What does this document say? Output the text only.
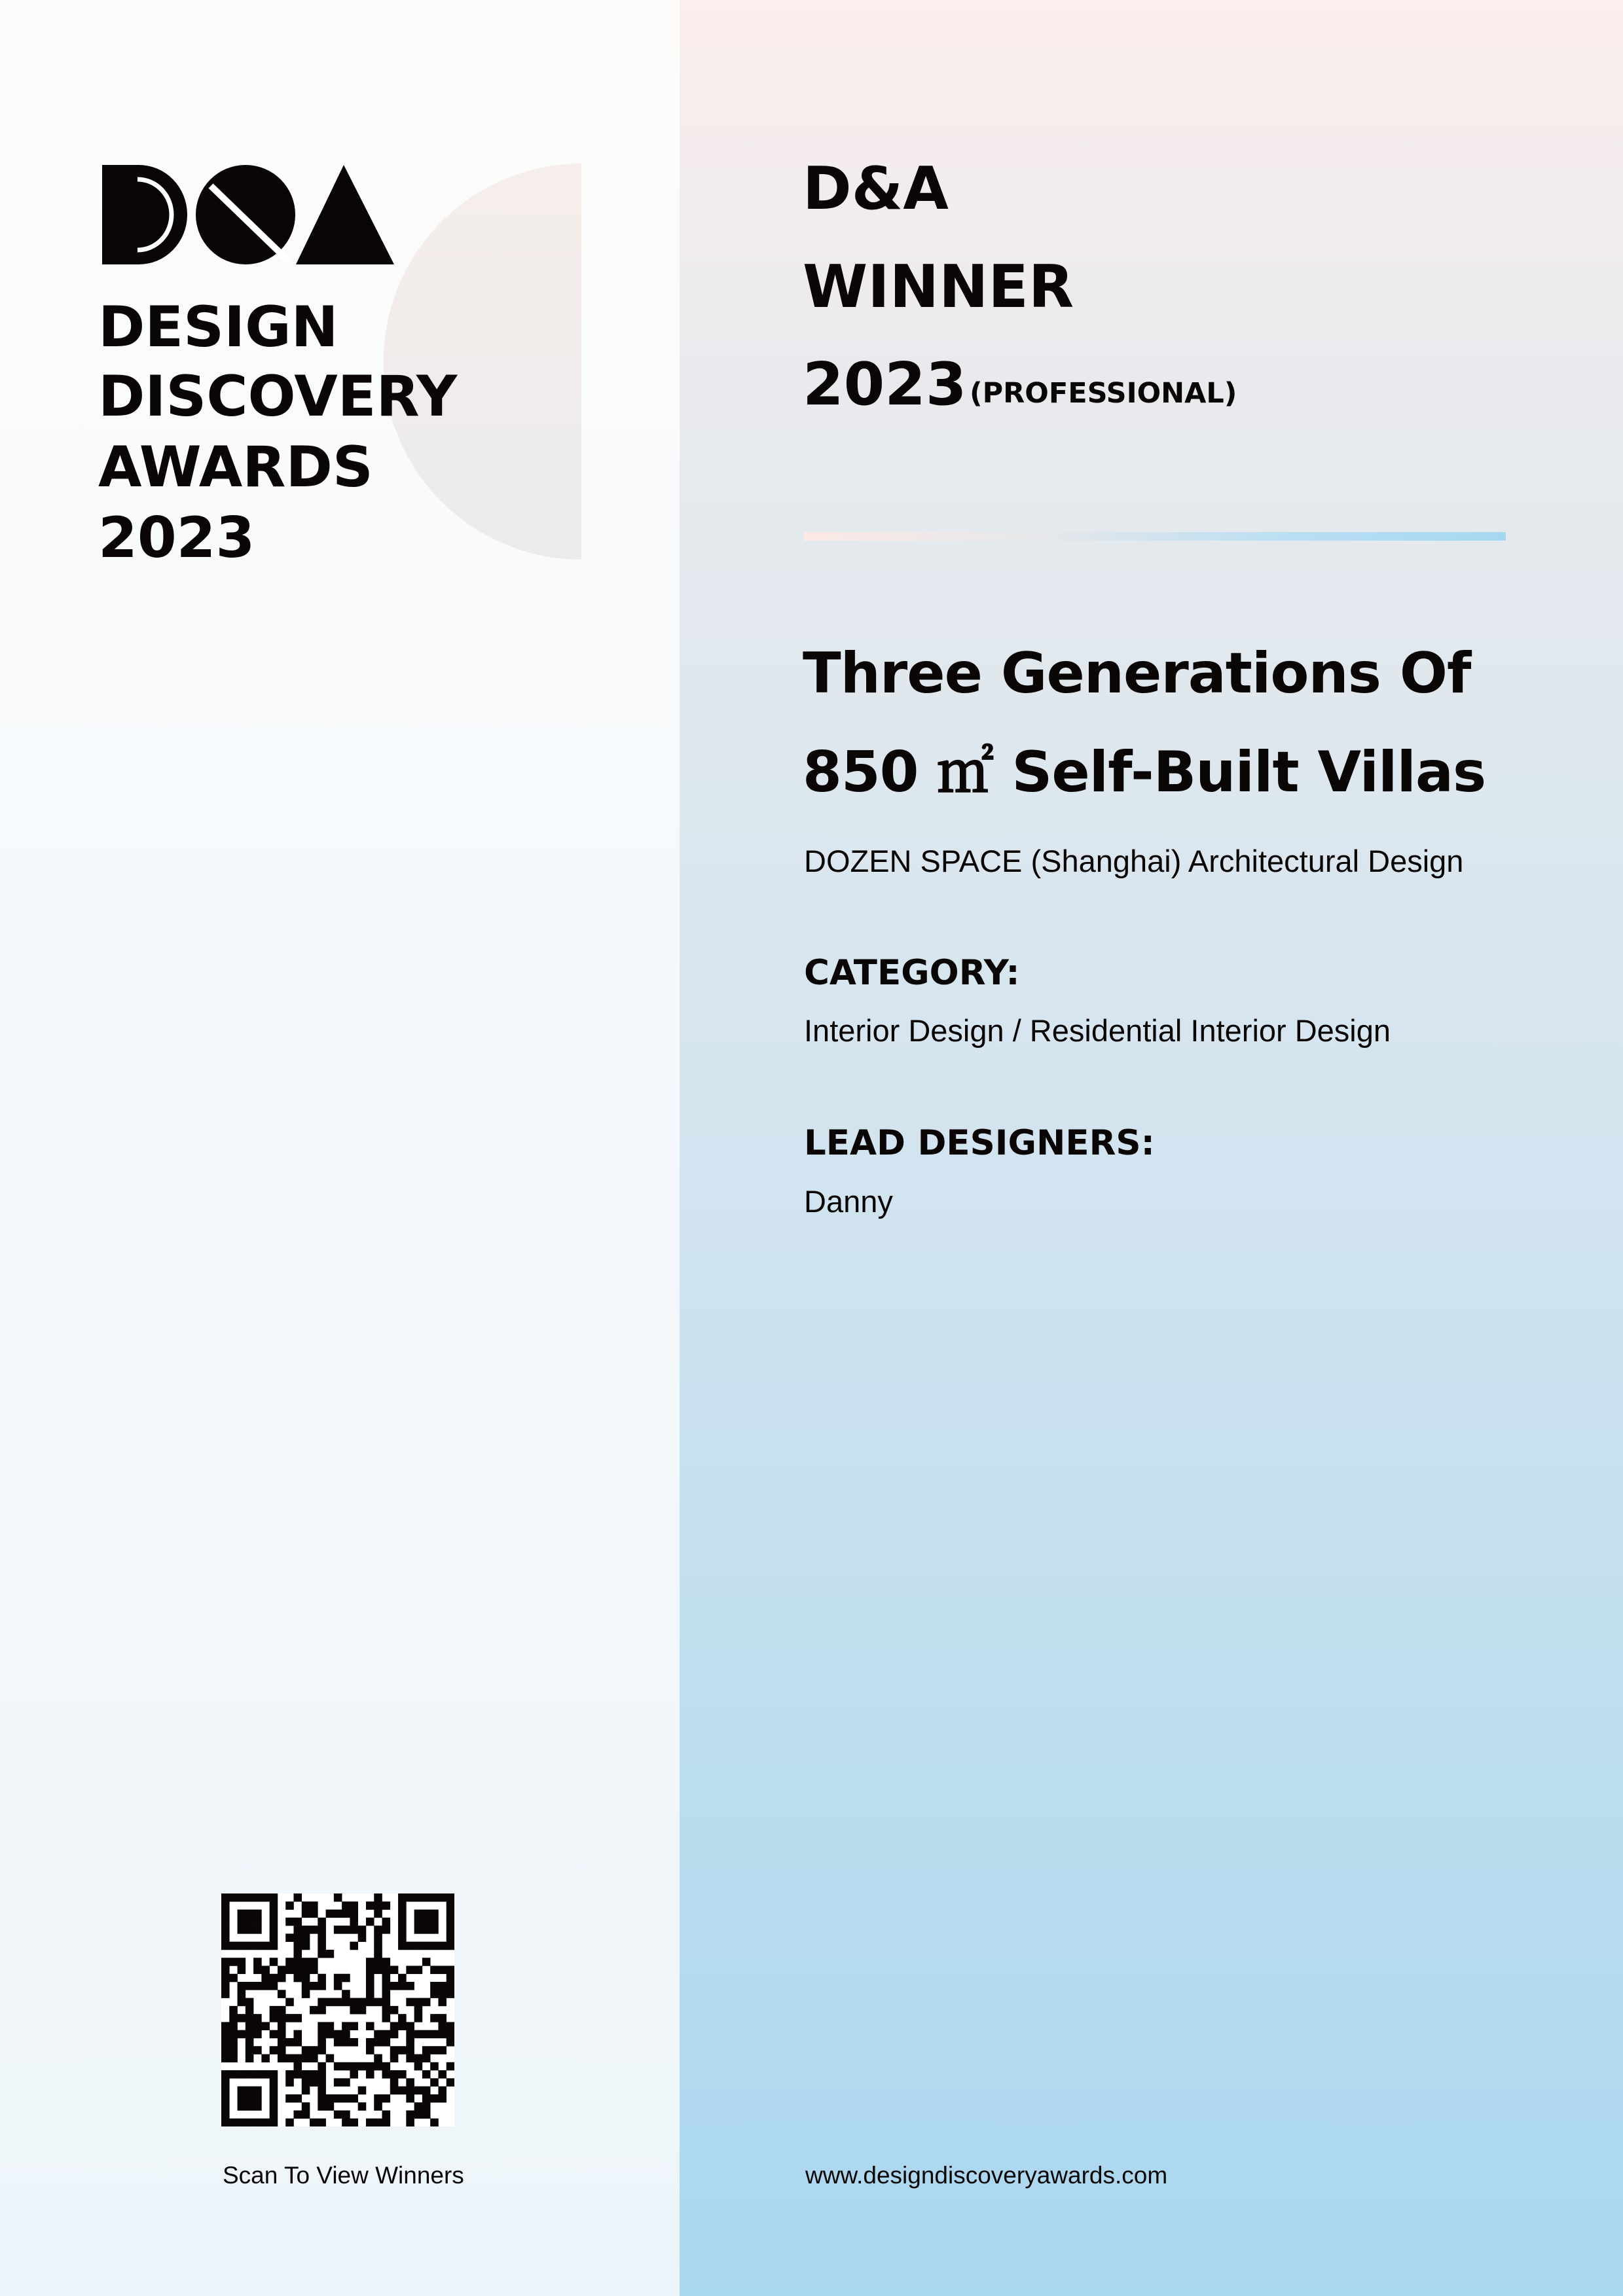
DESIGN
DISCOVERY
AWARDS
2023
Scan To View Winners
D&A
WINNER
2023 (PROFESSIONAL)
Three Generations Of
850 ㎡ Self-Built Villas
DOZEN SPACE (Shanghai) Architectural Design
CATEGORY:
Interior Design / Residential Interior Design
LEAD DESIGNERS:
Danny
www.designdiscoveryawards.com
